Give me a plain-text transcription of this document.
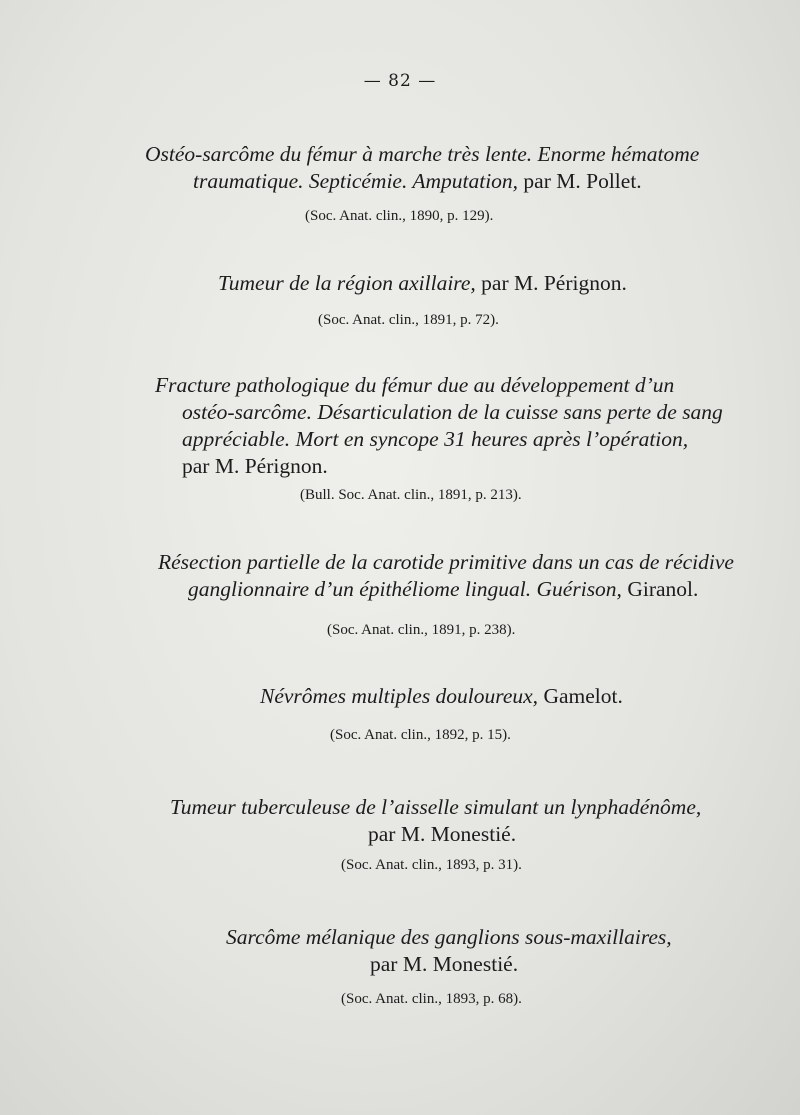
— 82 —
Ostéo-sarcôme du fémur à marche très lente. Enorme hématome
traumatique. Septicémie. Amputation, par M. Pollet.
(Soc. Anat. clin., 1890, p. 129).
Tumeur de la région axillaire, par M. Pérignon.
(Soc. Anat. clin., 1891, p. 72).
Fracture pathologique du fémur due au développement d’un
ostéo-sarcôme. Désarticulation de la cuisse sans perte de sang
appréciable. Mort en syncope 31 heures après l’opération,
par M. Pérignon.
(Bull. Soc. Anat. clin., 1891, p. 213).
Résection partielle de la carotide primitive dans un cas de récidive
ganglionnaire d’un épithéliome lingual. Guérison, Giranol.
(Soc. Anat. clin., 1891, p. 238).
Névrômes multiples douloureux, Gamelot.
(Soc. Anat. clin., 1892, p. 15).
Tumeur tuberculeuse de l’aisselle simulant un lynphadénôme,
par M. Monestié.
(Soc. Anat. clin., 1893, p. 31).
Sarcôme mélanique des ganglions sous-maxillaires,
par M. Monestié.
(Soc. Anat. clin., 1893, p. 68).
